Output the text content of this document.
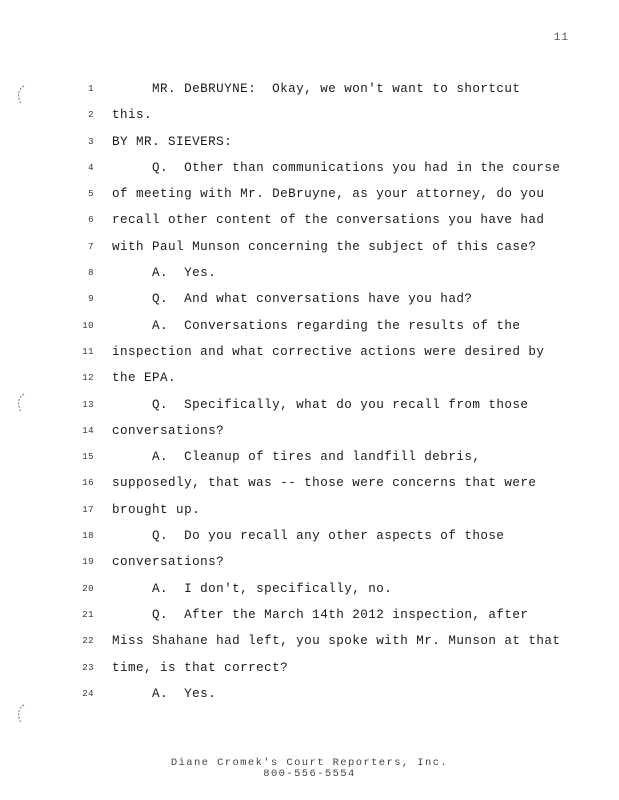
11
1 MR. DeBRUYNE:  Okay, we won't want to shortcut
2 this.
3 BY MR. SIEVERS:
4 Q.  Other than communications you had in the course
5 of meeting with Mr. DeBruyne, as your attorney, do you
6 recall other content of the conversations you have had
7 with Paul Munson concerning the subject of this case?
8 A.  Yes.
9 Q.  And what conversations have you had?
10 A.  Conversations regarding the results of the
11 inspection and what corrective actions were desired by
12 the EPA.
13 Q.  Specifically, what do you recall from those
14 conversations?
15 A.  Cleanup of tires and landfill debris,
16 supposedly, that was -- those were concerns that were
17 brought up.
18 Q.  Do you recall any other aspects of those
19 conversations?
20 A.  I don't, specifically, no.
21 Q.  After the March 14th 2012 inspection, after
22 Miss Shahane had left, you spoke with Mr. Munson at that
23 time, is that correct?
24 A.  Yes.
Diane Cromek's Court Reporters, Inc.
800-556-5554
